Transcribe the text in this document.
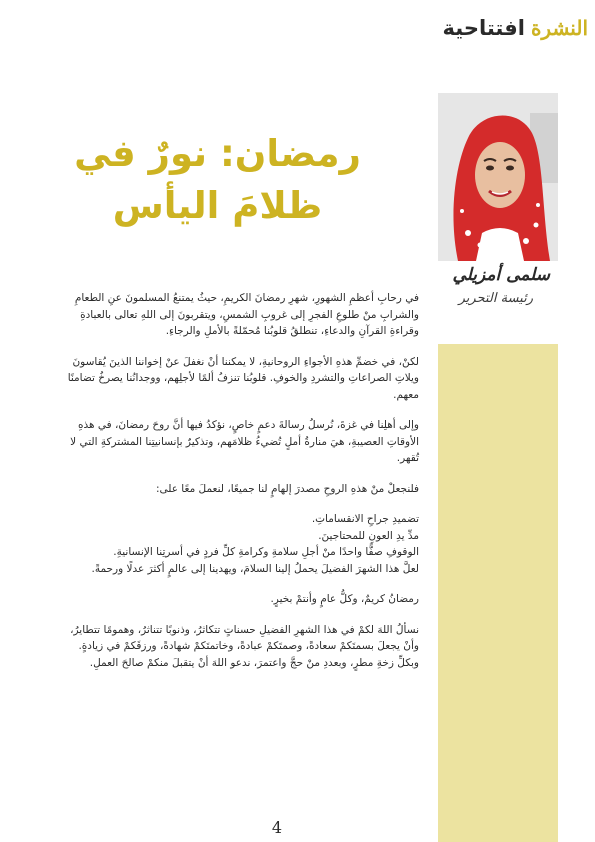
النشرة
افتتاحية

سلمى أمزيلي

رئيسة التحرير

رمضان: نورٌ في
ظلامَ اليأس

في رحابِ أعظمِ الشهورِ، شهرِ رمضانَ الكريمِ، حيثُ يمتنعُ المسلمونَ عنِ الطعامِ والشرابِ منْ طلوعِ الفجرِ إلى غروبِ الشمسِ، ويتقربونَ إلى اللهِ تعالى بالعبادةِ وقراءةِ القرآنِ والدعاءِ، تنطلقُ قلوبُنا مُحمّلةً بالأملِ والرجاءِ.

لكنْ، في خضمِّ هذهِ الأجواءِ الروحانيةِ، لا يمكننا أنْ نغفلَ عنْ إخواننا الذينَ يُقاسونَ ويلاتِ الصراعاتِ والتشردِ والخوفِ. قلوبُنا تنزفُ ألمًا لأجلِهم، ووجدانُنا يصرخُ تضامنًا معهم.

وإلى أهلِنا في غزةَ، نُرسلُ رسالةَ دعمٍ خاصٍ، نؤكدُ فيها أنَّ روحَ رمضانَ، في هذهِ الأوقاتِ العصيبةِ، هيَ منارةُ أملٍ تُضيءُ ظلامَهم، وتذكيرٌ بإنسانيتِنا المشتركةِ التي لا تُقهر.

فلنجعلْ منْ هذهِ الروحِ مصدرَ إلهامٍ لنا جميعًا، لنعملَ معًا على:

تضميدِ جراحِ الانقساماتِ.

مدِّ يدِ العونِ للمحتاجينَ.

الوقوفِ صفًّا واحدًا منْ أجلِ سلامةِ وكرامةِ كلِّ فردٍ في أسرتِنا الإنسانيةِ.

لعلَّ هذا الشهرَ الفضيلَ يحملُ إلينا السلامَ، ويهدينا إلى عالمٍ أكثرَ عدلًا ورحمةً.

رمضانُ كريمٌ، وكلُّ عامٍ وأنتمْ بخيرٍ.

نسألُ اللهَ لكمْ في هذا الشهرِ الفضيلِ حسناتٍ تتكاثرُ، وذنوبًا تتناثرُ، وهمومًا تتطايرُ، وأنْ يجعلَ بسمتَكمْ سعادةً، وصمتَكمْ عبادةً، وخاتمتَكمْ شهادةً، ورزقَكمْ في زيادةٍ. وبكلِّ زخةِ مطرٍ، وبعددِ منْ حجَّ واعتمرَ، ندعو اللهَ أنْ يتقبلَ منكمْ صالحَ العملِ.

4
